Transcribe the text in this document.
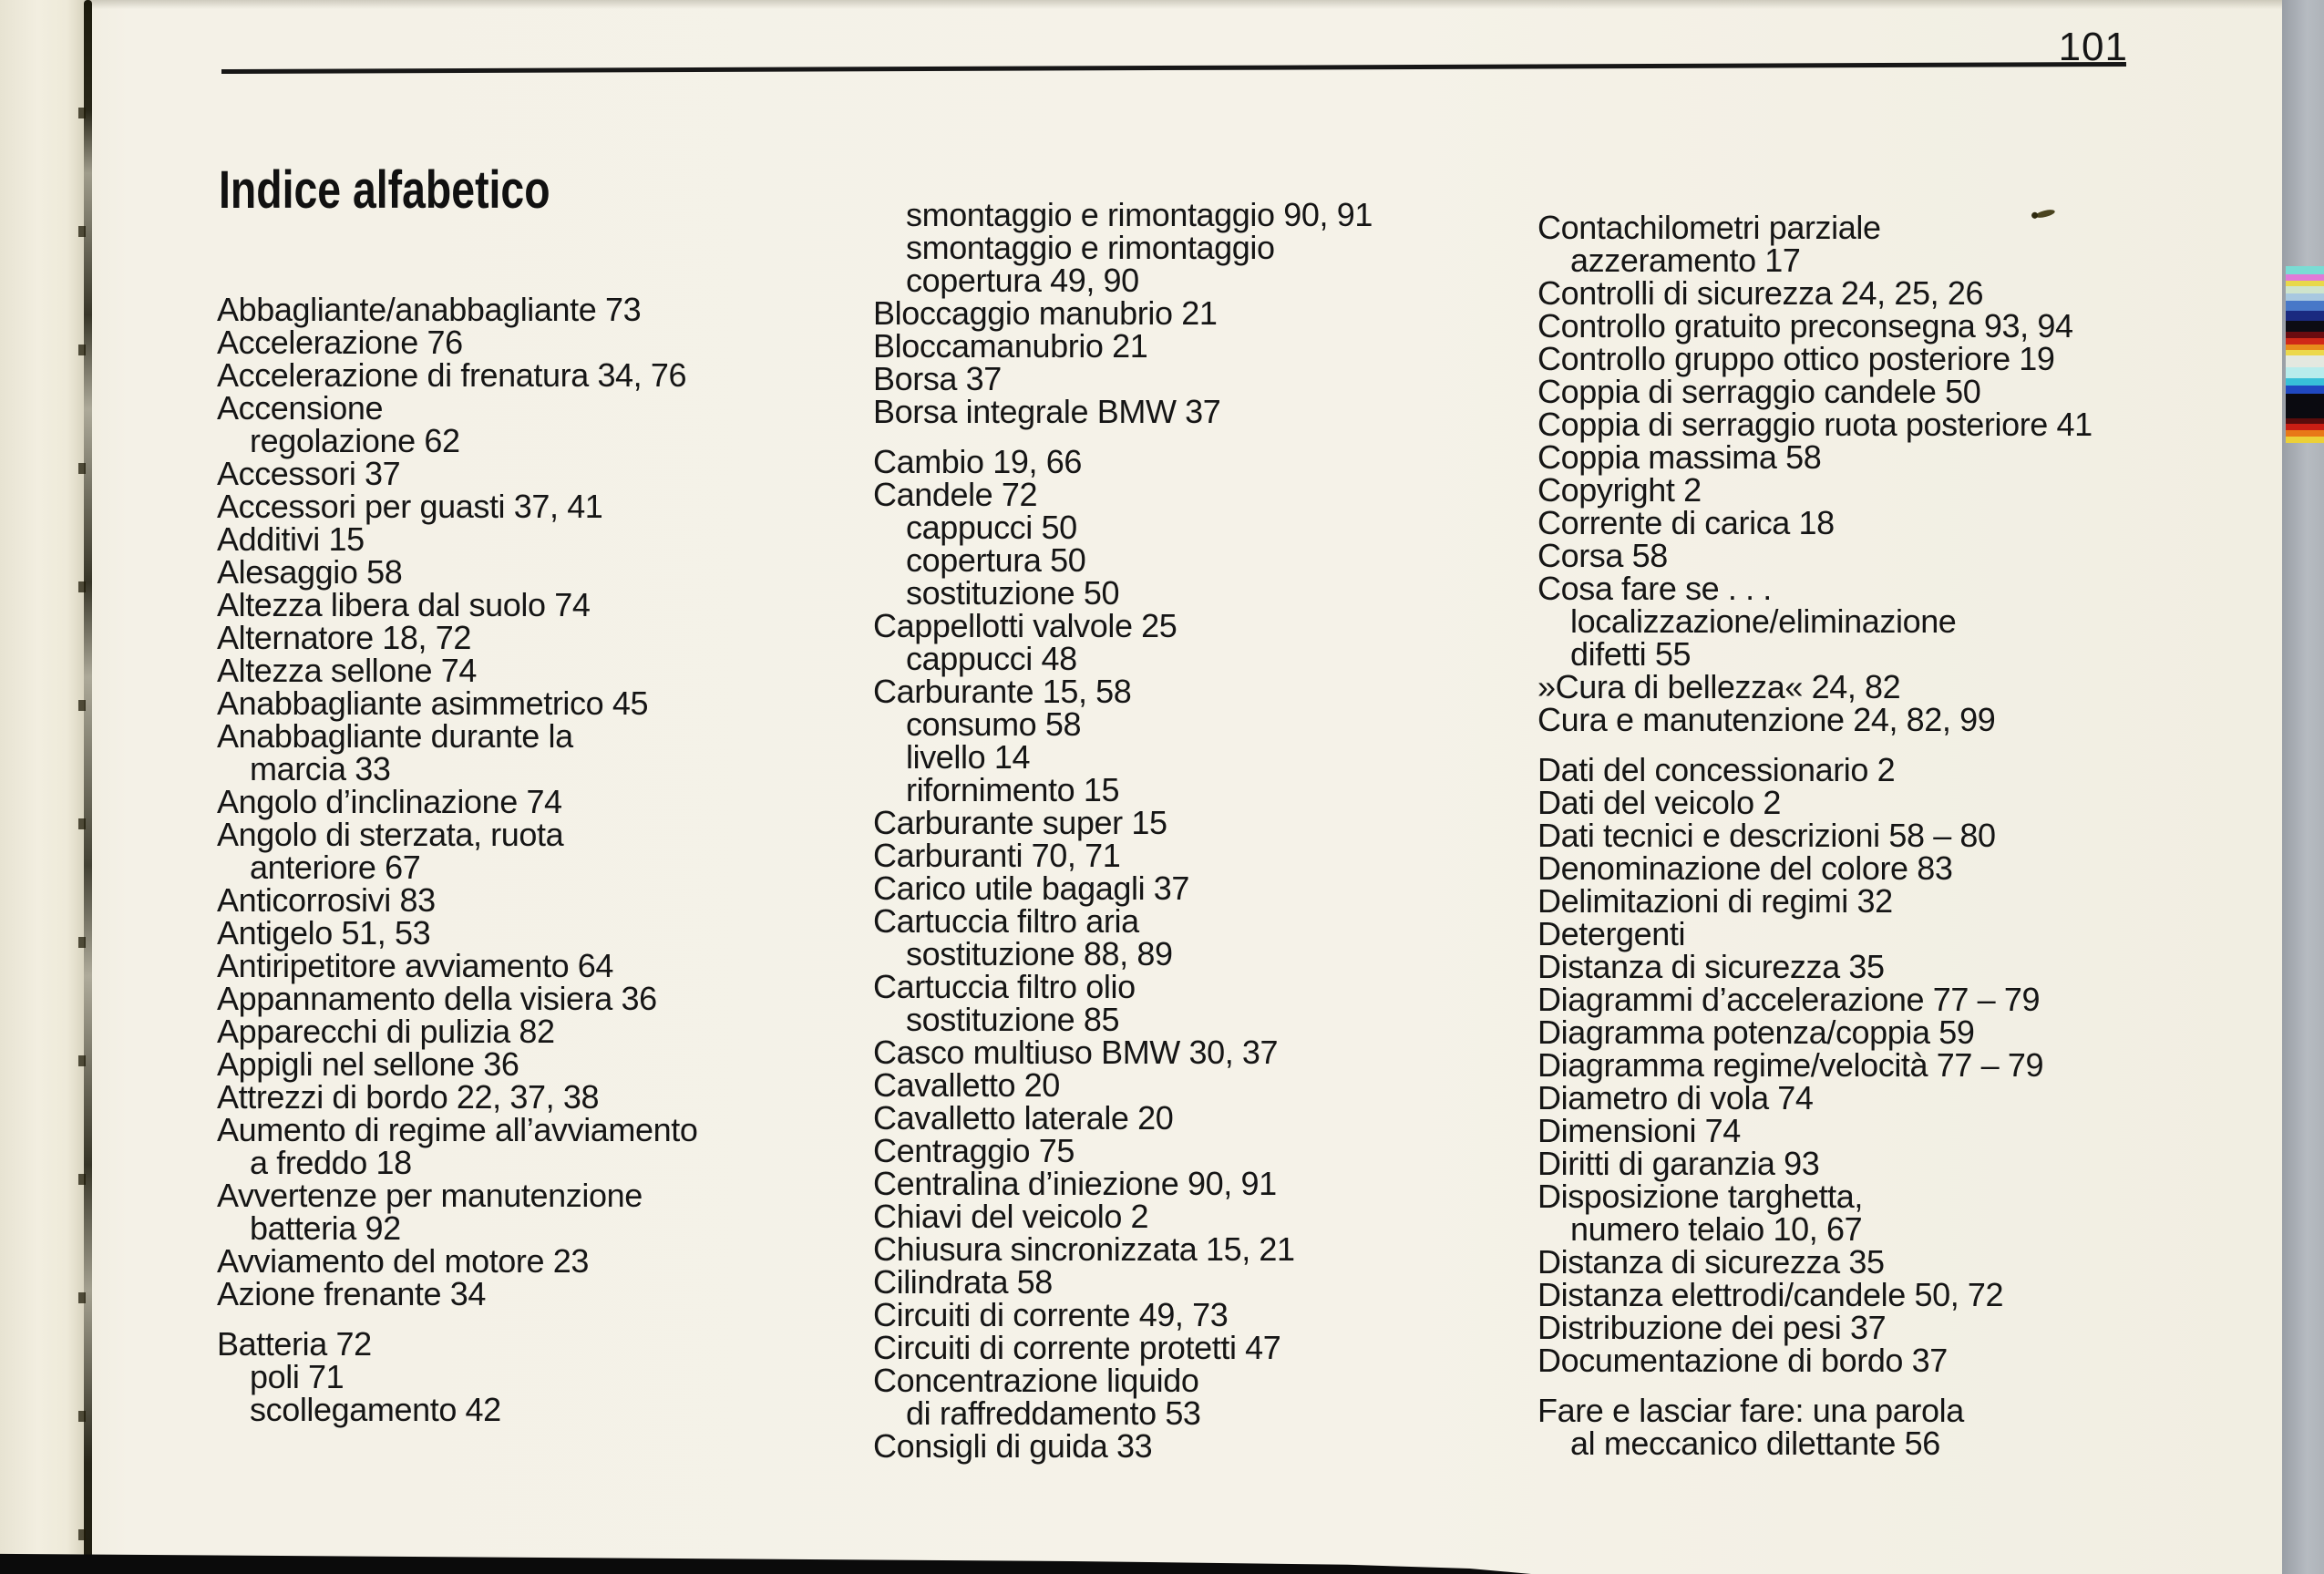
101
Indice alfabetico
Abbagliante/anabbagliante 73
Accelerazione 76
Accelerazione di frenatura 34, 76
Accensione
regolazione 62
Accessori 37
Accessori per guasti 37, 41
Additivi 15
Alesaggio 58
Altezza libera dal suolo 74
Alternatore 18, 72
Altezza sellone 74
Anabbagliante asimmetrico 45
Anabbagliante durante la
marcia 33
Angolo d’inclinazione 74
Angolo di sterzata, ruota
anteriore 67
Anticorrosivi 83
Antigelo 51, 53
Antiripetitore avviamento 64
Appannamento della visiera 36
Apparecchi di pulizia 82
Appigli nel sellone 36
Attrezzi di bordo 22, 37, 38
Aumento di regime all’avviamento
a freddo 18
Avvertenze per manutenzione
batteria 92
Avviamento del motore 23
Azione frenante 34
Batteria 72
poli 71
scollegamento 42
smontaggio e rimontaggio 90, 91
smontaggio e rimontaggio
copertura 49, 90
Bloccaggio manubrio 21
Bloccamanubrio 21
Borsa 37
Borsa integrale BMW 37
Cambio 19, 66
Candele 72
cappucci 50
copertura 50
sostituzione 50
Cappellotti valvole 25
cappucci 48
Carburante 15, 58
consumo 58
livello 14
rifornimento 15
Carburante super 15
Carburanti 70, 71
Carico utile bagagli 37
Cartuccia filtro aria
sostituzione 88, 89
Cartuccia filtro olio
sostituzione 85
Casco multiuso BMW 30, 37
Cavalletto 20
Cavalletto laterale 20
Centraggio 75
Centralina d’iniezione 90, 91
Chiavi del veicolo 2
Chiusura sincronizzata 15, 21
Cilindrata 58
Circuiti di corrente 49, 73
Circuiti di corrente protetti 47
Concentrazione liquido
di raffreddamento 53
Consigli di guida 33
Contachilometri parziale
azzeramento 17
Controlli di sicurezza 24, 25, 26
Controllo gratuito preconsegna 93, 94
Controllo gruppo ottico posteriore 19
Coppia di serraggio candele 50
Coppia di serraggio ruota posteriore 41
Coppia massima 58
Copyright 2
Corrente di carica 18
Corsa 58
Cosa fare se . . .
localizzazione/eliminazione
difetti 55
»Cura di bellezza« 24, 82
Cura e manutenzione 24, 82, 99
Dati del concessionario 2
Dati del veicolo 2
Dati tecnici e descrizioni 58 – 80
Denominazione del colore 83
Delimitazioni di regimi 32
Detergenti
Distanza di sicurezza 35
Diagrammi d’accelerazione 77 – 79
Diagramma potenza/coppia 59
Diagramma regime/velocità 77 – 79
Diametro di vola 74
Dimensioni 74
Diritti di garanzia 93
Disposizione targhetta,
numero telaio 10, 67
Distanza di sicurezza 35
Distanza elettrodi/candele 50, 72
Distribuzione dei pesi 37
Documentazione di bordo 37
Fare e lasciar fare: una parola
al meccanico dilettante 56
